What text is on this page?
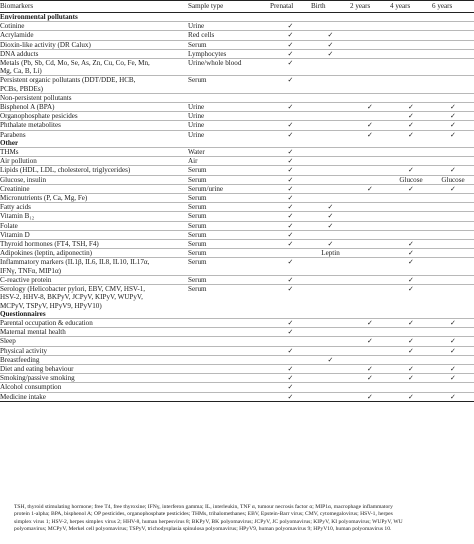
Biomarkers	Sample type	Prenatal	Birth	2 years	4 years	6 years
Environmental pollutants						
Cotinine	Urine	✓				
Acrylamide	Red cells	✓	✓			
Dioxin-like activity (DR Calux)	Serum	✓	✓			
DNA adducts	Lymphocytes	✓	✓			
Metals (Pb, Sb, Cd, Mo, Se, As, Zn, Cu, Co, Fe, Mn,	Urine/whole blood	✓				
Mg, Ca, B, Li)						
Persistent organic pollutants (DDT/DDE, HCB,	Serum	✓				
PCBs, PBDEs)						
Non-persistent pollutants						
Bisphenol A (BPA)	Urine	✓		✓	✓	✓
Organophosphate pesicides	Urine				✓	✓
Phthalate metabolites	Urine	✓		✓	✓	✓
Parabens	Urine	✓		✓	✓	✓
Other						
THMs	Water	✓				
Air pollution	Air	✓				
Lipids (HDL, LDL, cholesterol, triglycerides)	Serum	✓			✓	✓
Glucose, insulin	Serum	✓			Glucose	Glucose
Creatinine	Serum/urine	✓		✓	✓	✓
Micronutrients (P, Ca, Mg, Fe)	Serum	✓				
Fatty acids	Serum	✓	✓			
Vitamin B₁₂	Serum	✓	✓			
Folate	Serum	✓	✓			
Vitamin D	Serum	✓				
Thyroid hormones (FT4, TSH, F4)	Serum	✓	✓		✓	
Adipokines (leptin, adiponectin)	Serum		Leptin		✓	
Inflammatory markers (IL1β, IL6, IL8, IL10, IL17α,	Serum	✓			✓	
IFNγ, TNFα, MIP1α)						
C-reactive protein	Serum	✓			✓	
Serology (Helicobacter pylori, EBV, CMV, HSV-1,	Serum	✓			✓	
HSV-2, HHV-8, BKPyV, JCPyV, KIPyV, WUPyV,						
MCPyV, TSPyV, HPyV9, HPyV10)						
Questionnaires						
Parental occupation & education		✓		✓	✓	✓
Maternal mental health		✓				
Sleep				✓	✓	✓
Physical activity		✓			✓	✓
Breastfeeding			✓			
Diet and eating behaviour		✓		✓	✓	✓
Smoking/passive smoking		✓		✓	✓	✓
Alcohol consumption		✓				
Medicine intake		✓		✓	✓	✓
TSH, thyroid stimulating hormone; free T4, free thyroxine; IFNγ, interferon gamma; IL, interleukin, TNF α, tumour necrosis factor α; MIP1α, macrophage inflammatory
protein 1-alpha; BPA, bisphenol A; OP pesticides, organophosphate pesticides; THMs, trihalomethanes; EBV, Epstein-Barr virus; CMV, cytomegalovirus; HSV-1, herpes
simplex virus 1; HSV-2, herpes simplex virus 2; HHV-8, human herpesvirus 8; BKPyV, BK polyomavirus; JCPyV, JC polyomavirus; KIPyV, KI polyomavirus; WUPyV, WU
polyomavirus; MCPyV, Merkel cell polyomavirus; TSPyV, trichodysplasia spinulosa polyomavirus; HPyV9, human polyomavirus 9; HPyV10, human polyomavirus 10.
